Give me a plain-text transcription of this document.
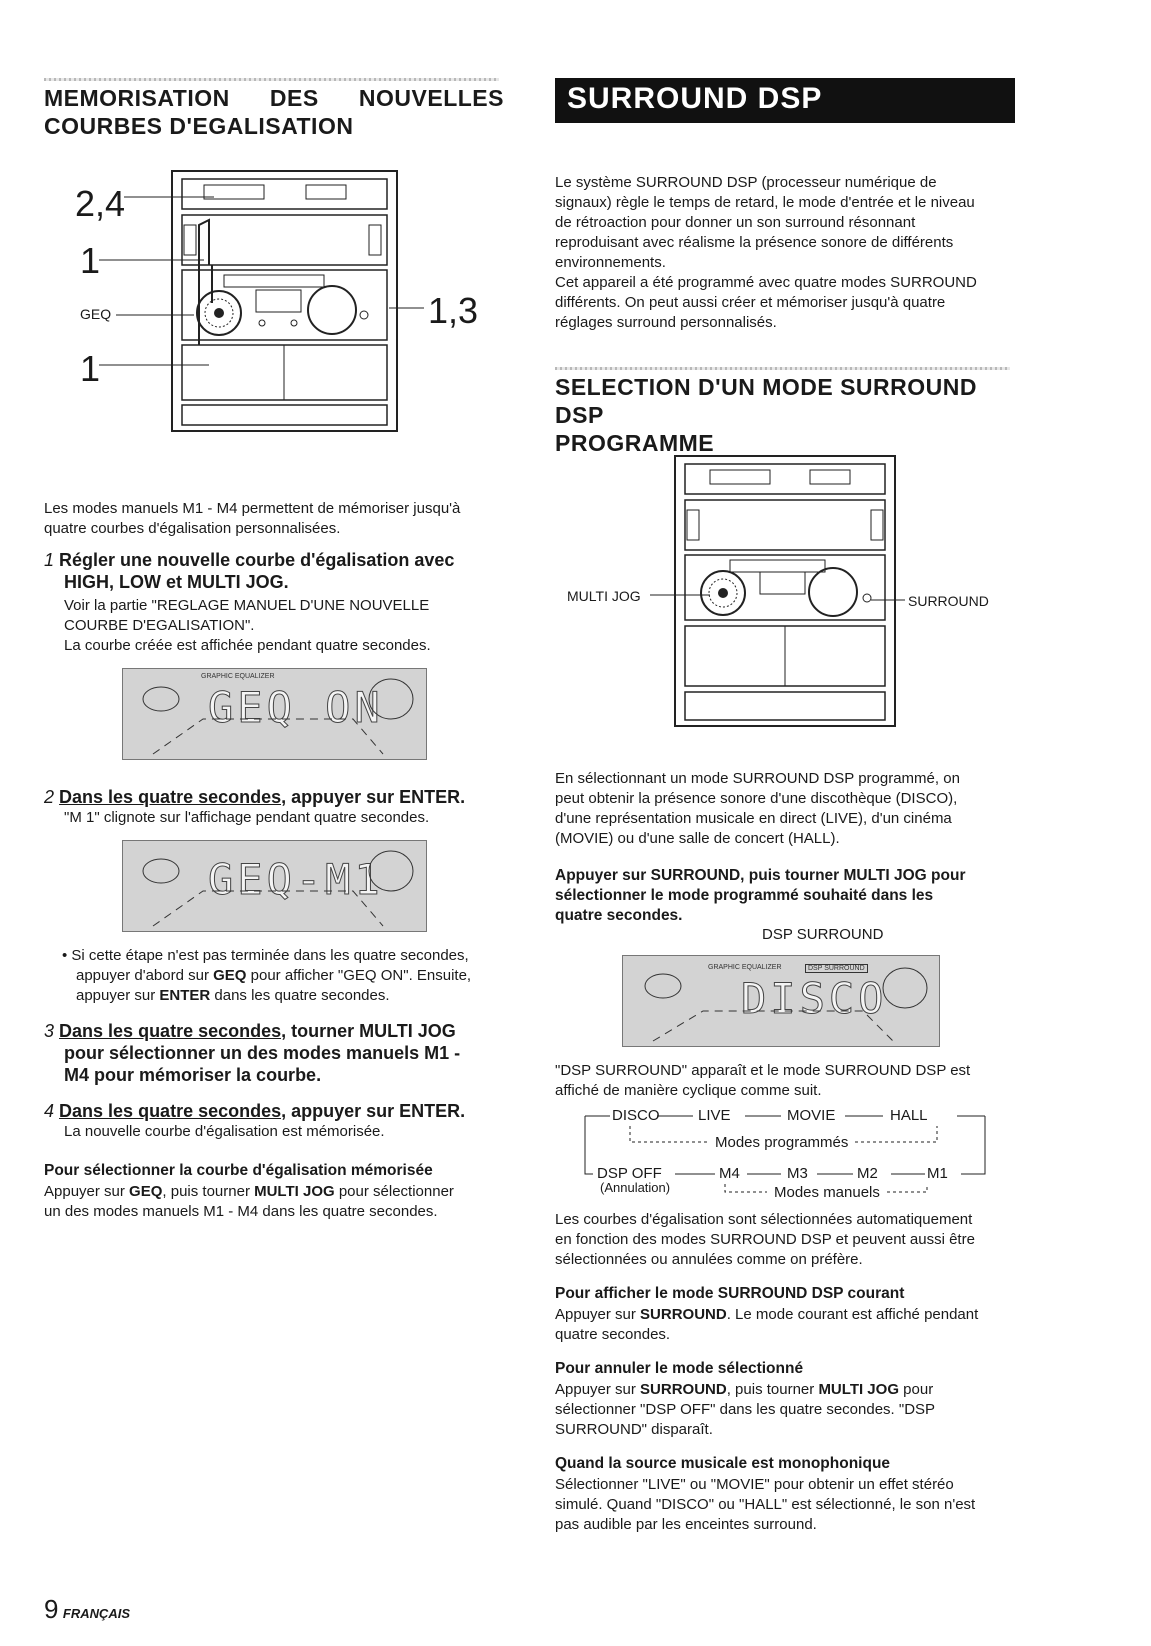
MEMORISATION DES NOUVELLES
COURBES D'EGALISATION
2,4
1
GEQ	1,3
1
Les modes manuels M1 - M4 permettent de mémoriser jusqu'à
quatre courbes d'égalisation personnalisées.
1 Régler une nouvelle courbe d'égalisation avec
HIGH, LOW et MULTI JOG.
Voir la partie "REGLAGE MANUEL D'UNE NOUVELLE
COURBE D'EGALISATION".
La courbe créée est affichée pendant quatre secondes.
GRAPHIC EQUALIZER
GEQ ON
2 Dans les quatre secondes, appuyer sur ENTER.
"M 1" clignote sur l'affichage pendant quatre secondes.
GEQ-M1
• Si cette étape n'est pas terminée dans les quatre secondes,
appuyer d'abord sur GEQ pour afficher "GEQ ON". Ensuite,
appuyer sur ENTER dans les quatre secondes.
3 Dans les quatre secondes, tourner MULTI JOG
pour sélectionner un des modes manuels M1 -
M4 pour mémoriser la courbe.
4 Dans les quatre secondes, appuyer sur ENTER.
La nouvelle courbe d'égalisation est mémorisée.
Pour sélectionner la courbe d'égalisation mémorisée
Appuyer sur GEQ, puis tourner MULTI JOG pour sélectionner
un des modes manuels M1 - M4 dans les quatre secondes.
9 FRANÇAIS
SURROUND DSP
Le système SURROUND DSP (processeur numérique de
signaux) règle le temps de retard, le mode d'entrée et le niveau
de rétroaction pour donner un son surround résonnant
reproduisant avec réalisme la présence sonore de différents
environnements.
Cet appareil a été programmé avec quatre modes SURROUND
différents. On peut aussi créer et mémoriser jusqu'à quatre
réglages surround personnalisés.
SELECTION D'UN MODE SURROUND DSP
PROGRAMME
MULTI JOG	SURROUND
En sélectionnant un mode SURROUND DSP programmé, on
peut obtenir la présence sonore d'une discothèque (DISCO),
d'une représentation musicale en direct (LIVE), d'un cinéma
(MOVIE) ou d'une salle de concert (HALL).
Appuyer sur SURROUND, puis tourner MULTI JOG pour
sélectionner le mode programmé souhaité dans les
quatre secondes.
DSP SURROUND
GRAPHIC EQUALIZER	DSP SURROUND
DISCO
"DSP SURROUND" apparaît et le mode SURROUND DSP est
affiché de manière cyclique comme suit.
DISCO	LIVE	MOVIE	HALL
Modes programmés
DSP OFF	M4	M3	M2	M1
(Annulation)	Modes manuels
Les courbes d'égalisation sont sélectionnées automatiquement
en fonction des modes SURROUND DSP et peuvent aussi être
sélectionnées ou annulées comme on préfère.
Pour afficher le mode SURROUND DSP courant
Appuyer sur SURROUND. Le mode courant est affiché pendant
quatre secondes.
Pour annuler le mode sélectionné
Appuyer sur SURROUND, puis tourner MULTI JOG pour
sélectionner "DSP OFF" dans les quatre secondes. "DSP
SURROUND" disparaît.
Quand la source musicale est monophonique
Sélectionner "LIVE" ou "MOVIE" pour obtenir un effet stéréo
simulé. Quand "DISCO" ou "HALL" est sélectionné, le son n'est
pas audible par les enceintes surround.
